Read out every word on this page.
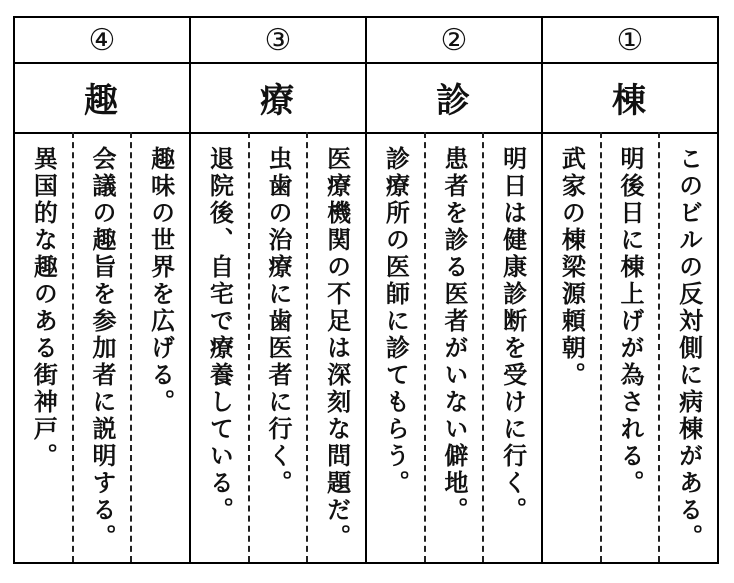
④
趣
趣味の世界を広げる。
会議の趣旨を参加者に説明する。
異国的な趣のある街神戸。
③
療
医療機関の不足は深刻な問題だ。
虫歯の治療に歯医者に行く。
退院後、自宅で療養している。
②
診
明日は健康診断を受けに行く。
患者を診る医者がいない僻地。
診療所の医師に診てもらう。
①
棟
このビルの反対側に病棟がある。
明後日に棟上げが為される。
武家の棟梁源頼朝。
